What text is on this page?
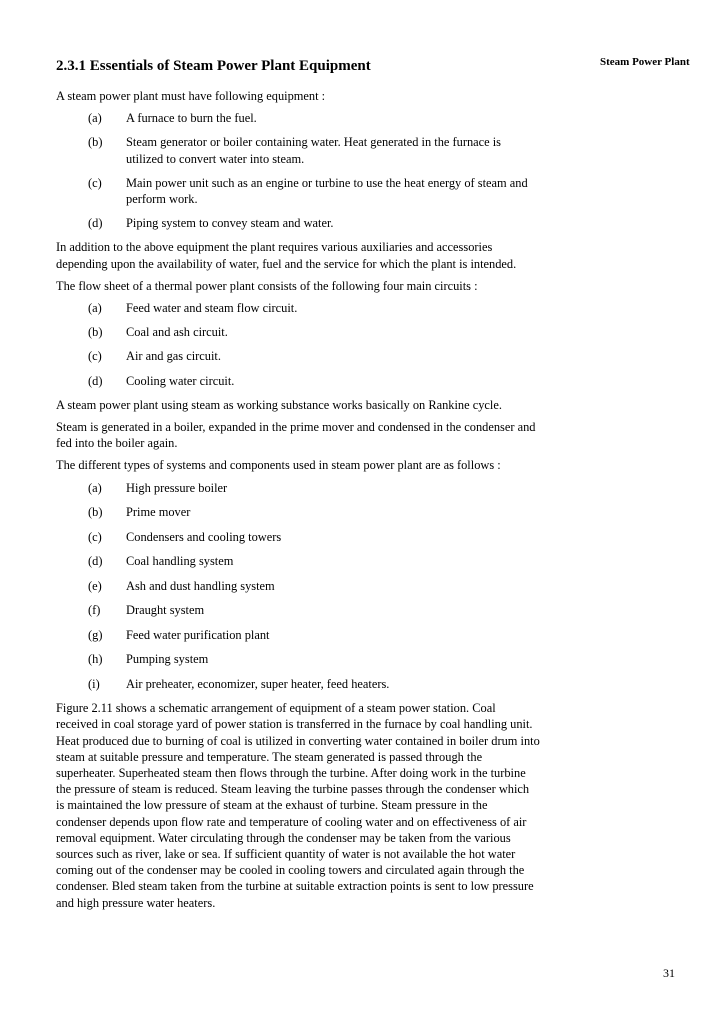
Steam Power Plant
2.3.1 Essentials of Steam Power Plant Equipment

A steam power plant must have following equipment :

(a)	A furnace to burn the fuel.
(b)	Steam generator or boiler containing water. Heat generated in the furnace is utilized to convert water into steam.
(c)	Main power unit such as an engine or turbine to use the heat energy of steam and perform work.
(d)	Piping system to convey steam and water.

In addition to the above equipment the plant requires various auxiliaries and accessories depending upon the availability of water, fuel and the service for which the plant is intended.

The flow sheet of a thermal power plant consists of the following four main circuits :

(a)	Feed water and steam flow circuit.
(b)	Coal and ash circuit.
(c)	Air and gas circuit.
(d)	Cooling water circuit.

A steam power plant using steam as working substance works basically on Rankine cycle.

Steam is generated in a boiler, expanded in the prime mover and condensed in the condenser and fed into the boiler again.

The different types of systems and components used in steam power plant are as follows :

(a)	High pressure boiler
(b)	Prime mover
(c)	Condensers and cooling towers
(d)	Coal handling system
(e)	Ash and dust handling system
(f)	Draught system
(g)	Feed water purification plant
(h)	Pumping system
(i)	Air preheater, economizer, super heater, feed heaters.

Figure 2.11 shows a schematic arrangement of equipment of a steam power station. Coal received in coal storage yard of power station is transferred in the furnace by coal handling unit. Heat produced due to burning of coal is utilized in converting water contained in boiler drum into steam at suitable pressure and temperature. The steam generated is passed through the superheater. Superheated steam then flows through the turbine. After doing work in the turbine the pressure of steam is reduced. Steam leaving the turbine passes through the condenser which is maintained the low pressure of steam at the exhaust of turbine. Steam pressure in the condenser depends upon flow rate and temperature of cooling water and on effectiveness of air removal equipment. Water circulating through the condenser may be taken from the various sources such as river, lake or sea. If sufficient quantity of water is not available the hot water coming out of the condenser may be cooled in cooling towers and circulated again through the condenser. Bled steam taken from the turbine at suitable extraction points is sent to low pressure and high pressure water heaters.

31
